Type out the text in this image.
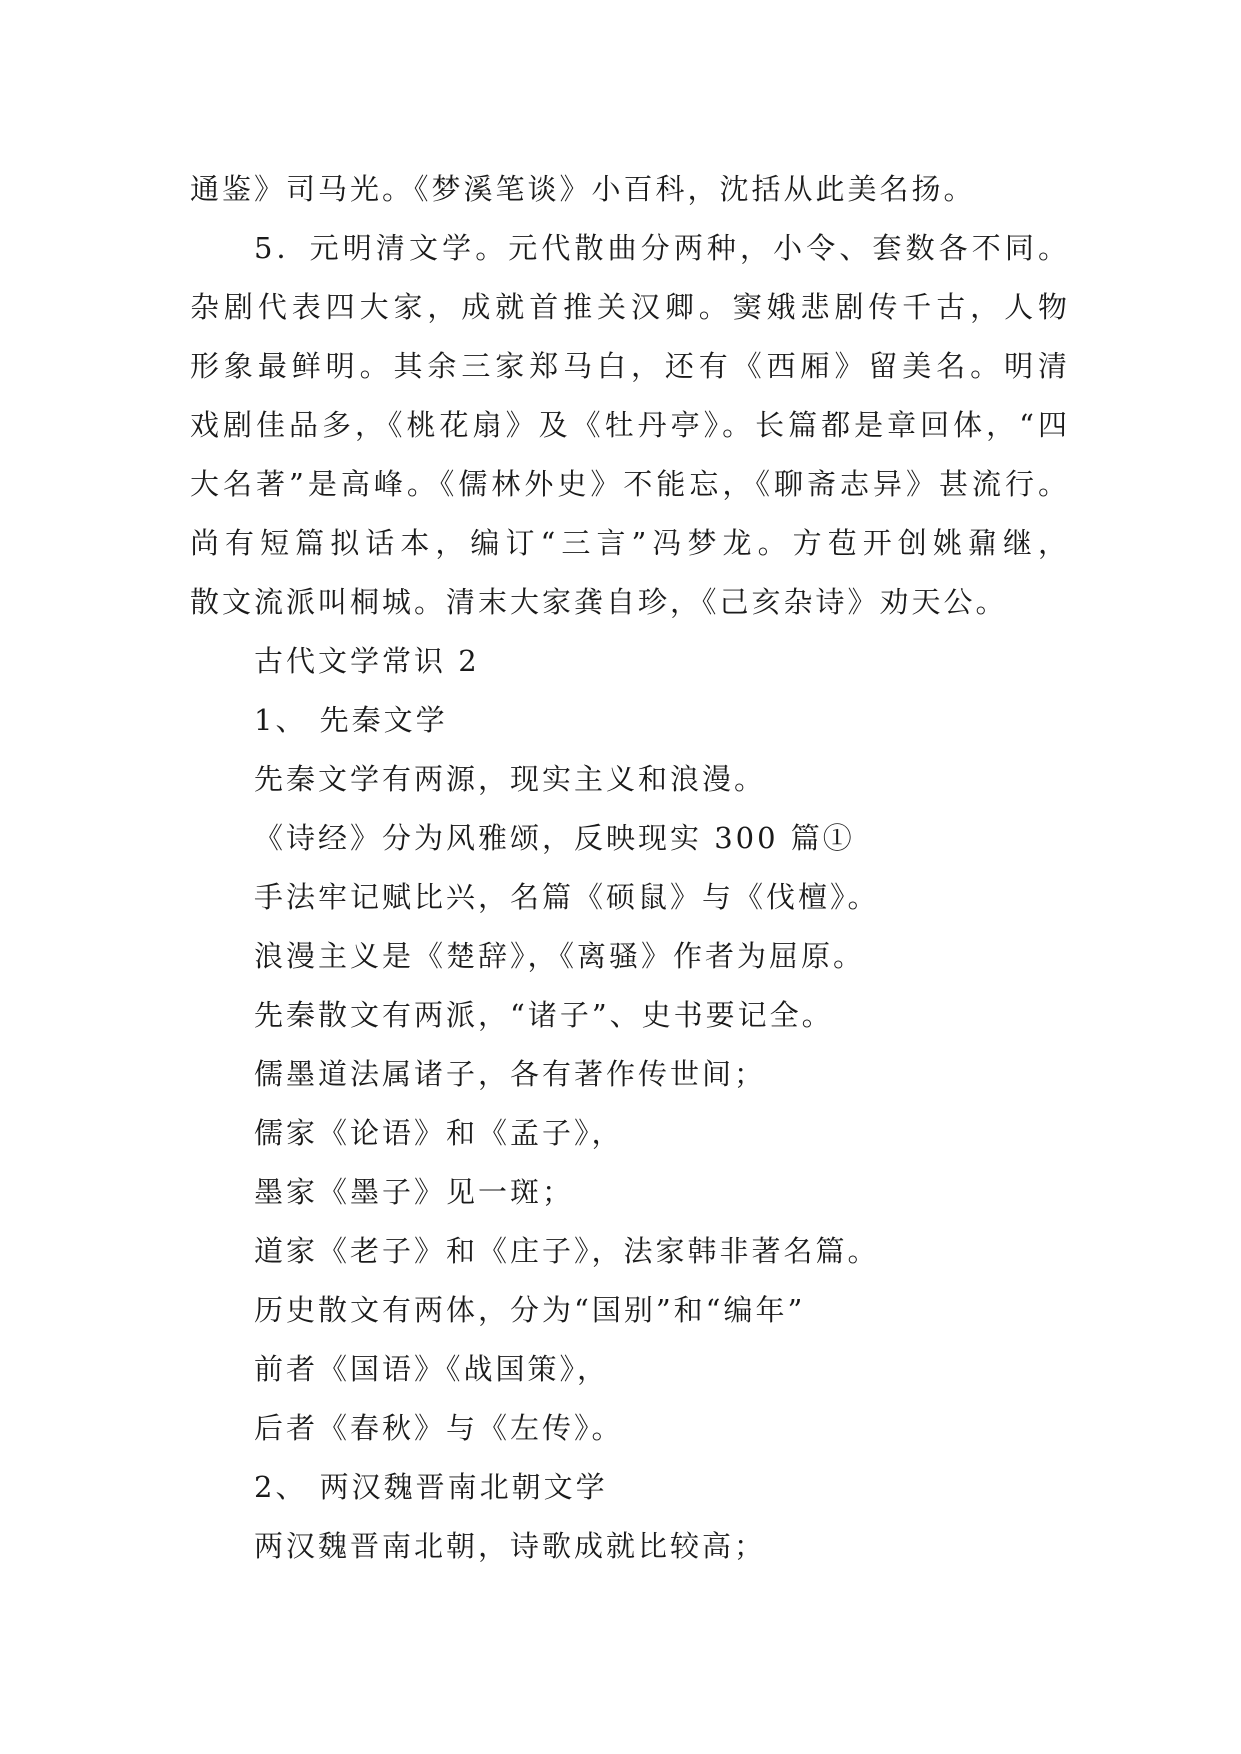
通鉴》司马光。《梦溪笔谈》小百科，沈括从此美名扬。
5．元明清文学。元代散曲分两种，小令、套数各不同。
杂剧代表四大家，成就首推关汉卿。窦娥悲剧传千古，人物
形象最鲜明。其余三家郑马白，还有《西厢》留美名。明清
戏剧佳品多，《桃花扇》及《牡丹亭》。长篇都是章回体，“四
大名著”是高峰。《儒林外史》不能忘，《聊斋志异》甚流行。
尚有短篇拟话本，编订“三言”冯梦龙。方苞开创姚鼐继，
散文流派叫桐城。清末大家龚自珍，《己亥杂诗》劝天公。
古代文学常识 2
1、 先秦文学
先秦文学有两源，现实主义和浪漫。
《诗经》分为风雅颂，反映现实 300 篇①
手法牢记赋比兴，名篇《硕鼠》与《伐檀》。
浪漫主义是《楚辞》，《离骚》作者为屈原。
先秦散文有两派，“诸子”、史书要记全。
儒墨道法属诸子，各有著作传世间；
儒家《论语》和《孟子》，
墨家《墨子》见一斑；
道家《老子》和《庄子》，法家韩非著名篇。
历史散文有两体，分为“国别”和“编年”
前者《国语》《战国策》，
后者《春秋》与《左传》。
2、 两汉魏晋南北朝文学
两汉魏晋南北朝，诗歌成就比较高；
